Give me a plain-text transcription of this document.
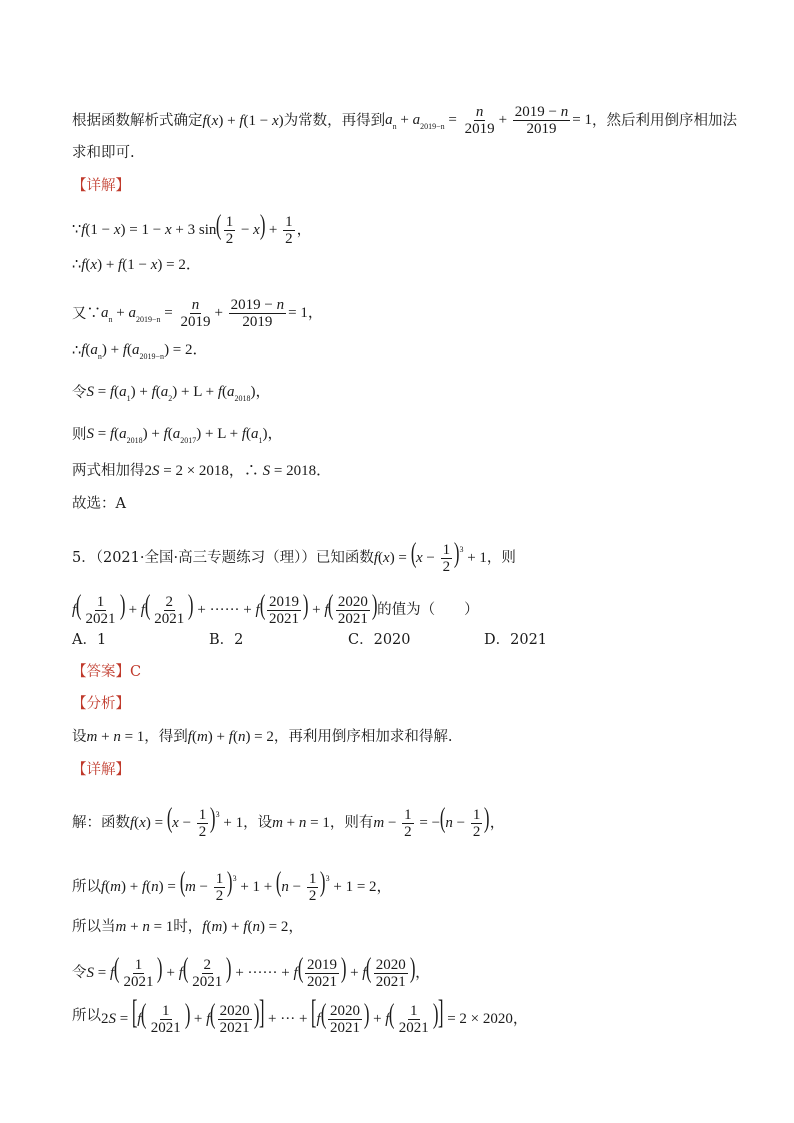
根据函数解析式确定 f(x) + f(1 − x) 为常数，再得到 $a_n + a_{2019-n} = \frac{n}{2019} + \frac{2019 - n}{2019} = 1$ ，然后利用倒序相加法
求和即可.
【详解】
∵ f(1 − x) = 1 − x + 3 $\sin( \frac{1}{2} - x) + \frac{1}{2}$ ，
∴ f(x) + f(1 − x) = 2．
又∵ $a_n + a_{2019-n} = \frac{n}{2019} + \frac{2019 - n}{2019} = 1$，
∴ $f(a_n) + f(a_{2019-n}) = 2$．
令 $S = f(a_1) + f(a_2) + L + f(a_{2018})$，
则 $S = f(a_{2018}) + f(a_{2017}) + L + f(a_1)$，
两式相加得 2S = 2 × 2018，∴ S = 2018．
故选：A
5．（2021·全国·高三专题练习（理））已知函数 $f(x) = (x - \frac{1}{2} )^3 + 1$ ，则
$f( \frac{1}{2021}$ ) + $f( \frac{2}{2021}$ ) + ······ + $f( \frac{2019}{2021}$ ) + $f( \frac{2020}{2021}$ ) 的值为（　　）
A．1	B．2	C．2020	D．2021
【答案】 C
【分析】
设 m + n = 1 ，得到 f(m) + f(n) = 2 ，再利用倒序相加求和得解.
【详解】
解：函数 $f(x) = (x - \frac{1}{2} )^3 + 1$ ，设 m + n = 1 ，则有 $m - \frac{1}{2} = -(n - \frac{1}{2}$ )，
所以 $f(m) + f(n) = (m - \frac{1}{2} )^3 + 1 + (n - \frac{1}{2} )^3 + 1 = 2$，
所以当 m + n = 1 时， f(m) + f(n) = 2，
令 $S = f( \frac{1}{2021}$ ) + $f( \frac{2}{2021}$ ) + ······ + $f( \frac{2019}{2021}$ ) + $f( \frac{2020}{2021}$ )，
所以 $2S = [f( \frac{1}{2021}$ ) + $f( \frac{2020}{2021}$ )] + ··· + [$f( \frac{2020}{2021}$ ) + $f( \frac{1}{2021}$ )] = 2 × 2020，
